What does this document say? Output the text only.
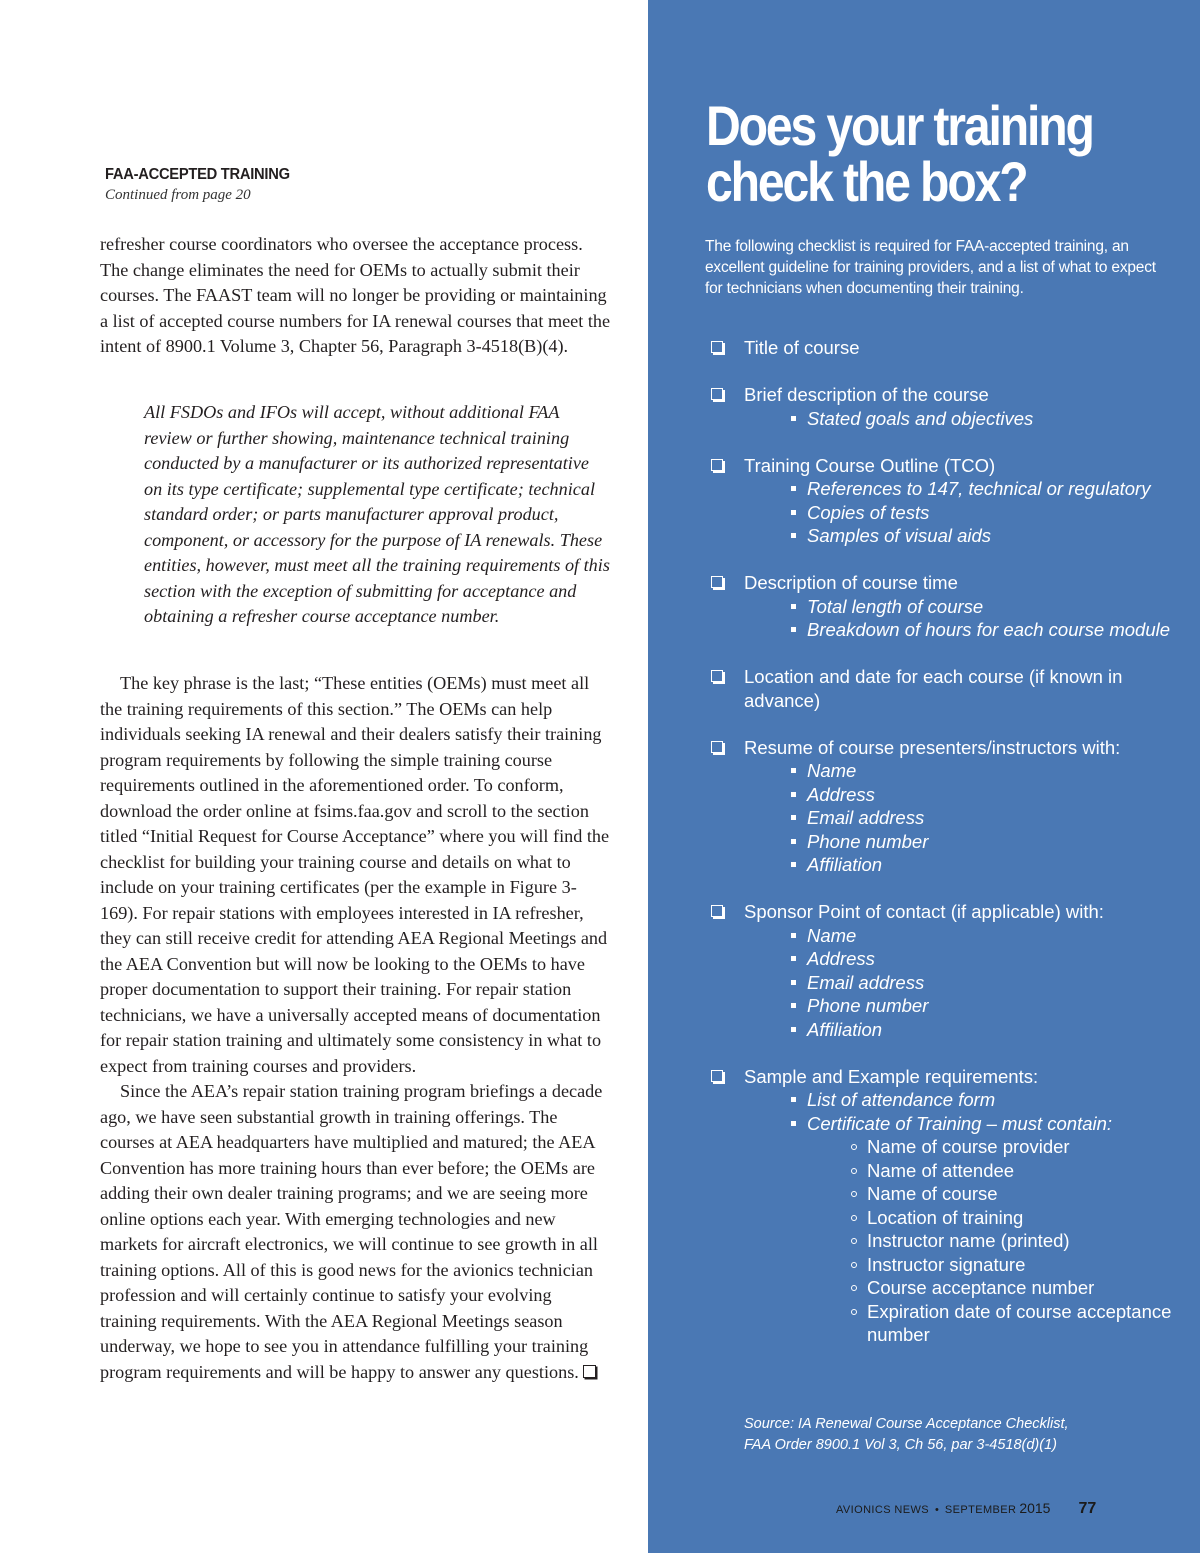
FAA-ACCEPTED TRAINING
Continued from page 20

refresher course coordinators who oversee the acceptance process. The change eliminates the need for OEMs to actually submit their courses. The FAAST team will no longer be providing or maintaining a list of accepted course numbers for IA renewal courses that meet the intent of 8900.1 Volume 3, Chapter 56, Paragraph 3-4518(B)(4).

All FSDOs and IFOs will accept, without additional FAA review or further showing, maintenance technical training conducted by a manufacturer or its authorized representative on its type certificate; supplemental type certificate; technical standard order; or parts manufacturer approval product, component, or accessory for the purpose of IA renewals. These entities, however, must meet all the training requirements of this section with the exception of submitting for acceptance and obtaining a refresher course acceptance number.

The key phrase is the last; “These entities (OEMs) must meet all the training requirements of this section.” The OEMs can help individuals seeking IA renewal and their dealers satisfy their training program requirements by following the simple training course requirements outlined in the aforementioned order. To conform, download the order online at fsims.faa.gov and scroll to the section titled “Initial Request for Course Acceptance” where you will find the checklist for building your training course and details on what to include on your training certificates (per the example in Figure 3-169). For repair stations with employees interested in IA refresher, they can still receive credit for attending AEA Regional Meetings and the AEA Convention but will now be looking to the OEMs to have proper documentation to support their training. For repair station technicians, we have a universally accepted means of documentation for repair station training and ultimately some consistency in what to expect from training courses and providers.

Since the AEA’s repair station training program briefings a decade ago, we have seen substantial growth in training offerings. The courses at AEA headquarters have multiplied and matured; the AEA Convention has more training hours than ever before; the OEMs are adding their own dealer training programs; and we are seeing more online options each year. With emerging technologies and new markets for aircraft electronics, we will continue to see growth in all training options. All of this is good news for the avionics technician profession and will certainly continue to satisfy your evolving training requirements. With the AEA Regional Meetings season underway, we hope to see you in attendance fulfilling your training program requirements and will be happy to answer any questions.

Does your training
check the box?
The following checklist is required for FAA-accepted training, an excellent guideline for training providers, and a list of what to expect for technicians when documenting their training.
Title of course
Brief description of the course
Stated goals and objectives
Training Course Outline (TCO)
References to 147, technical or regulatory
Copies of tests
Samples of visual aids
Description of course time
Total length of course
Breakdown of hours for each course module
Location and date for each course (if known in advance)
Resume of course presenters/instructors with:
Name
Address
Email address
Phone number
Affiliation
Sponsor Point of contact (if applicable) with:
Name
Address
Email address
Phone number
Affiliation
Sample and Example requirements:
List of attendance form
Certificate of Training – must contain:
Name of course provider
Name of attendee
Name of course
Location of training
Instructor name (printed)
Instructor signature
Course acceptance number
Expiration date of course acceptance number
Source: IA Renewal Course Acceptance Checklist,
FAA Order 8900.1 Vol 3, Ch 56, par 3-4518(d)(1)
AVIONICS NEWS • SEPTEMBER 2015 77
